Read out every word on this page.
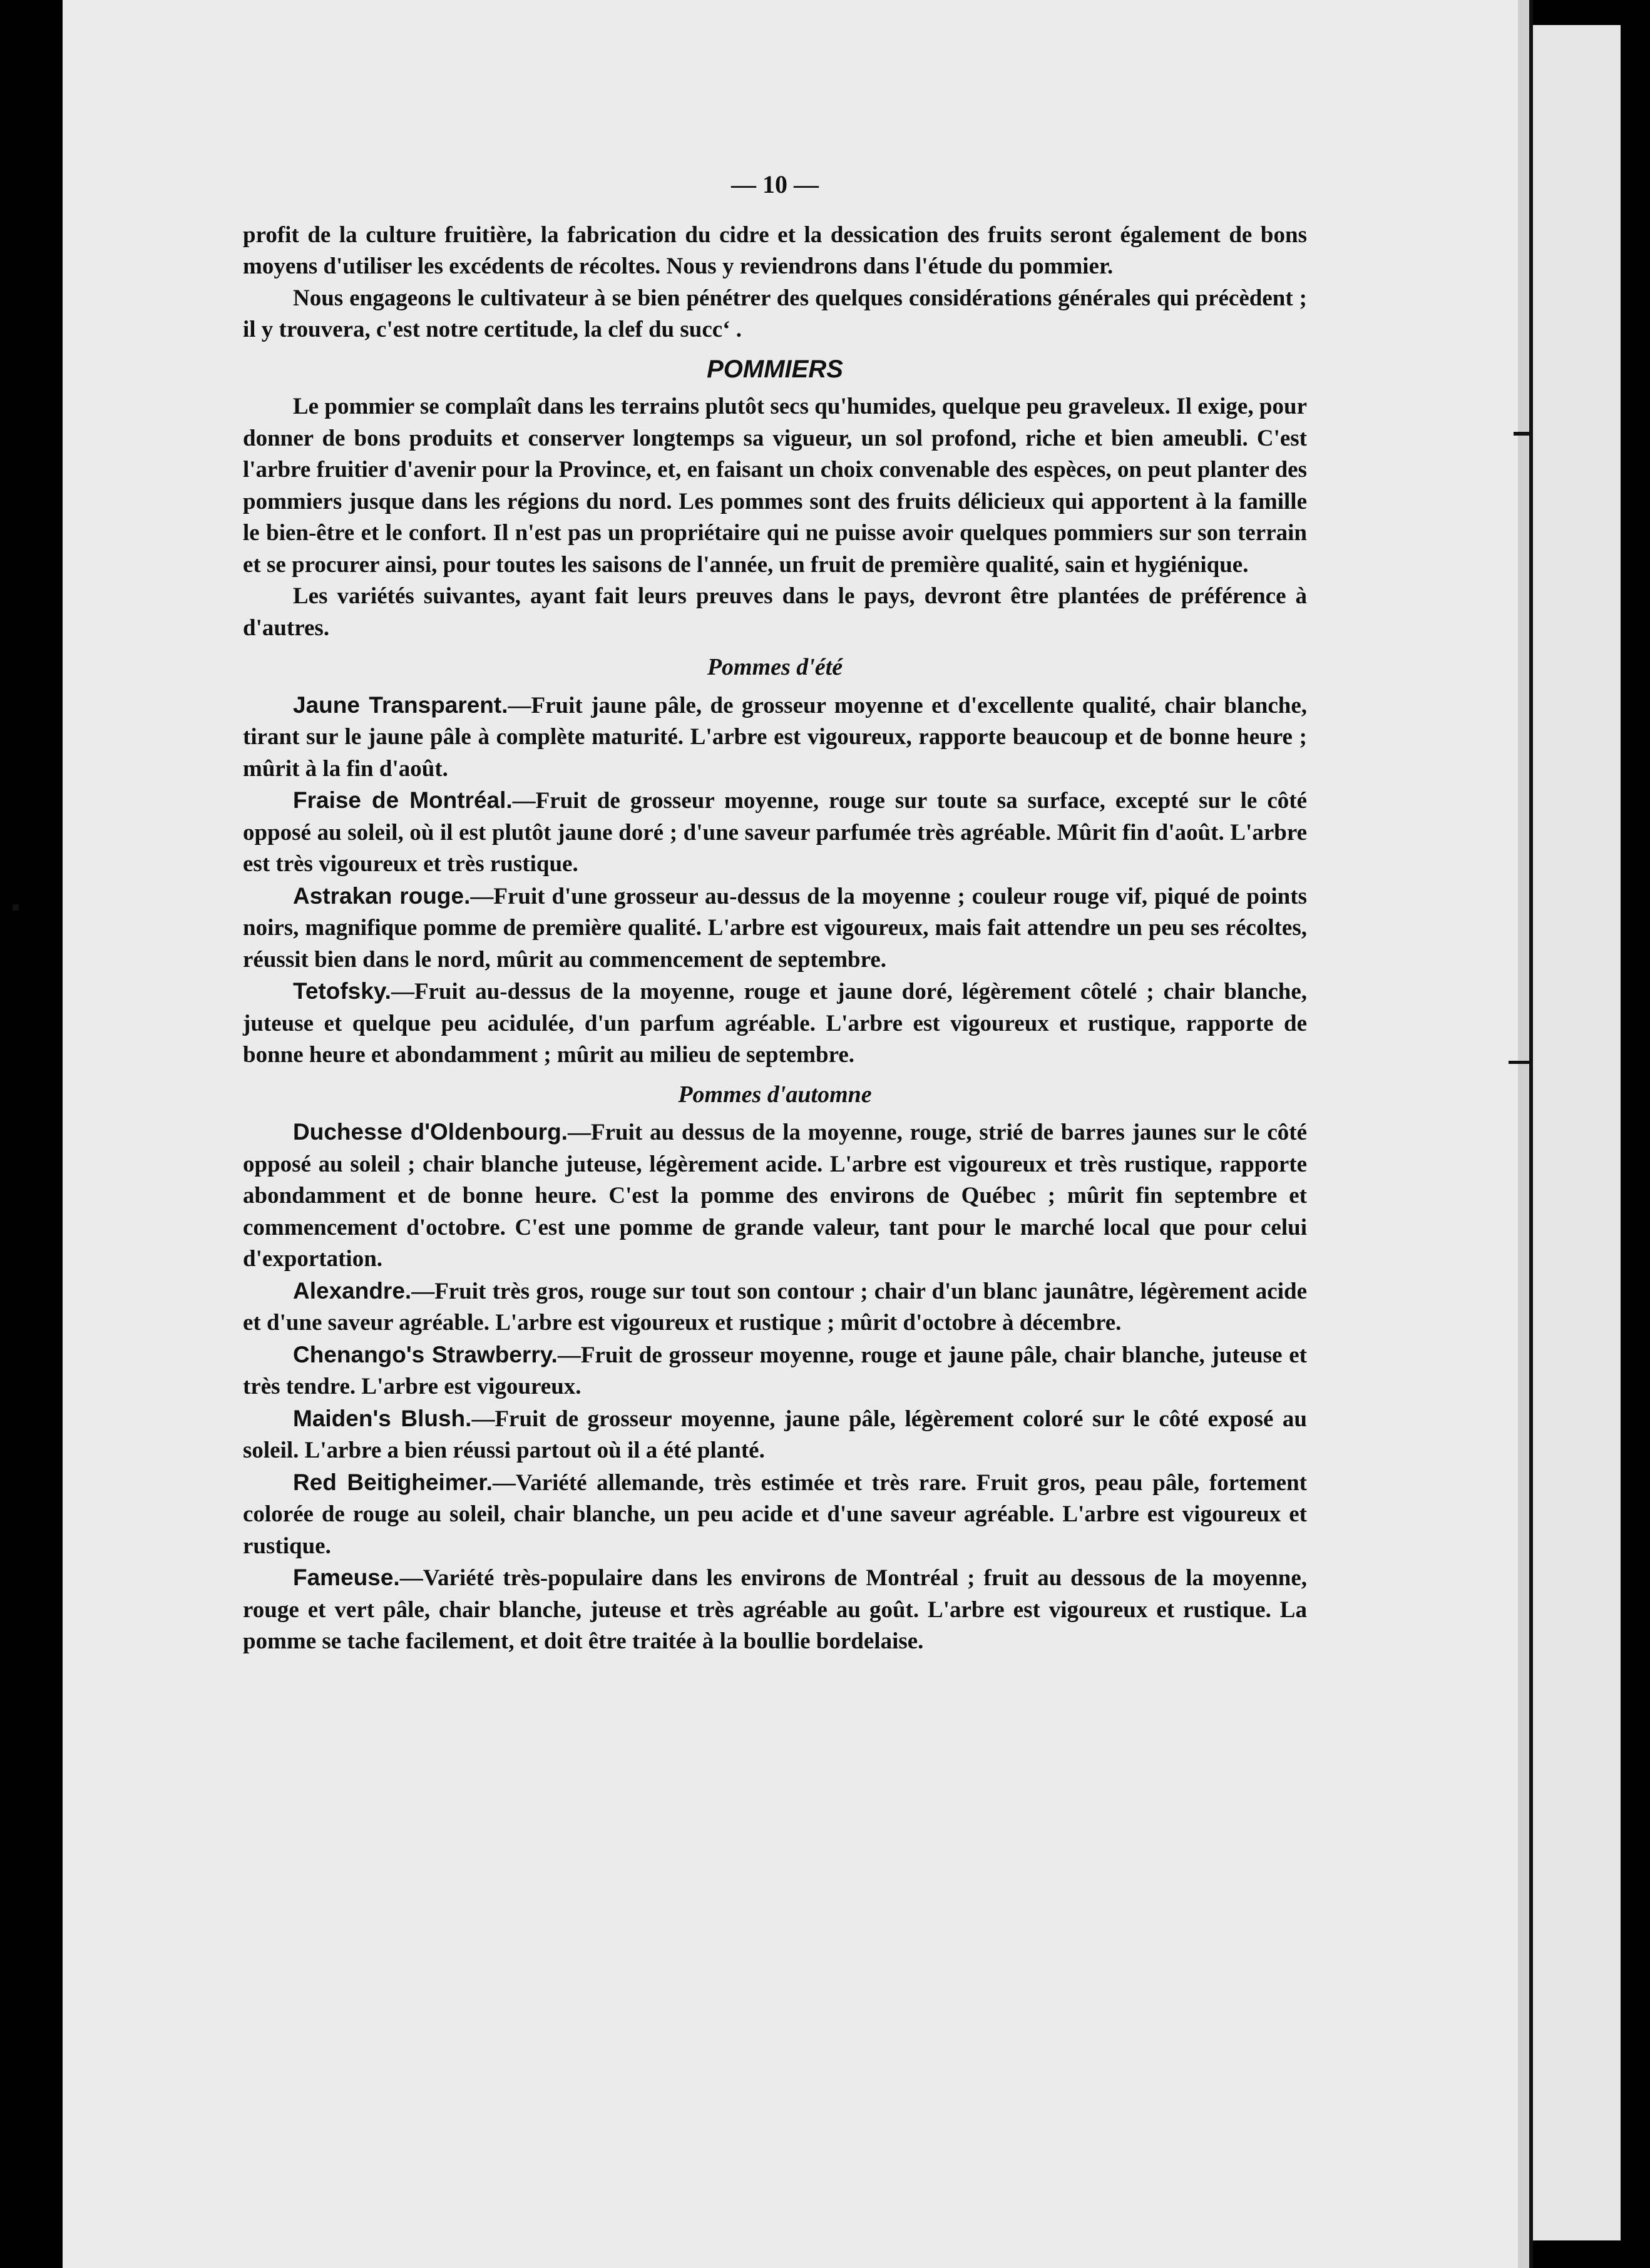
— 10 —

profit de la culture fruitière, la fabrication du cidre et la dessication des fruits seront également de bons moyens d'utiliser les excédents de récoltes. Nous y reviendrons dans l'étude du pommier.

Nous engageons le cultivateur à se bien pénétrer des quelques considérations générales qui précèdent ; il y trouvera, c'est notre certitude, la clef du succʻ .

POMMIERS

Le pommier se complaît dans les terrains plutôt secs qu'humides, quelque peu graveleux. Il exige, pour donner de bons produits et conserver longtemps sa vigueur, un sol profond, riche et bien ameubli. C'est l'arbre fruitier d'avenir pour la Province, et, en faisant un choix convenable des espèces, on peut planter des pommiers jusque dans les régions du nord. Les pommes sont des fruits délicieux qui apportent à la famille le bien-être et le confort. Il n'est pas un propriétaire qui ne puisse avoir quelques pommiers sur son terrain et se procurer ainsi, pour toutes les saisons de l'année, un fruit de première qualité, sain et hygiénique.

Les variétés suivantes, ayant fait leurs preuves dans le pays, devront être plantées de préférence à d'autres.

Pommes d'été

Jaune Transparent.—Fruit jaune pâle, de grosseur moyenne et d'excellente qualité, chair blanche, tirant sur le jaune pâle à complète maturité. L'arbre est vigoureux, rapporte beaucoup et de bonne heure ; mûrit à la fin d'août.

Fraise de Montréal.—Fruit de grosseur moyenne, rouge sur toute sa surface, excepté sur le côté opposé au soleil, où il est plutôt jaune doré ; d'une saveur parfumée très agréable. Mûrit fin d'août. L'arbre est très vigoureux et très rustique.

Astrakan rouge.—Fruit d'une grosseur au-dessus de la moyenne ; couleur rouge vif, piqué de points noirs, magnifique pomme de première qualité. L'arbre est vigoureux, mais fait attendre un peu ses récoltes, réussit bien dans le nord, mûrit au commencement de septembre.

Tetofsky.—Fruit au-dessus de la moyenne, rouge et jaune doré, légèrement côtelé ; chair blanche, juteuse et quelque peu acidulée, d'un parfum agréable. L'arbre est vigoureux et rustique, rapporte de bonne heure et abondamment ; mûrit au milieu de septembre.

Pommes d'automne

Duchesse d'Oldenbourg.—Fruit au dessus de la moyenne, rouge, strié de barres jaunes sur le côté opposé au soleil ; chair blanche juteuse, légèrement acide. L'arbre est vigoureux et très rustique, rapporte abondamment et de bonne heure. C'est la pomme des environs de Québec ; mûrit fin septembre et commencement d'octobre. C'est une pomme de grande valeur, tant pour le marché local que pour celui d'exportation.

Alexandre.—Fruit très gros, rouge sur tout son contour ; chair d'un blanc jaunâtre, légèrement acide et d'une saveur agréable. L'arbre est vigoureux et rustique ; mûrit d'octobre à décembre.

Chenango's Strawberry.—Fruit de grosseur moyenne, rouge et jaune pâle, chair blanche, juteuse et très tendre. L'arbre est vigoureux.

Maiden's Blush.—Fruit de grosseur moyenne, jaune pâle, légèrement coloré sur le côté exposé au soleil. L'arbre a bien réussi partout où il a été planté.

Red Beitigheimer.—Variété allemande, très estimée et très rare. Fruit gros, peau pâle, fortement colorée de rouge au soleil, chair blanche, un peu acide et d'une saveur agréable. L'arbre est vigoureux et rustique.

Fameuse.—Variété très-populaire dans les environs de Montréal ; fruit au dessous de la moyenne, rouge et vert pâle, chair blanche, juteuse et très agréable au goût. L'arbre est vigoureux et rustique. La pomme se tache facilement, et doit être traitée à la boullie bordelaise.
